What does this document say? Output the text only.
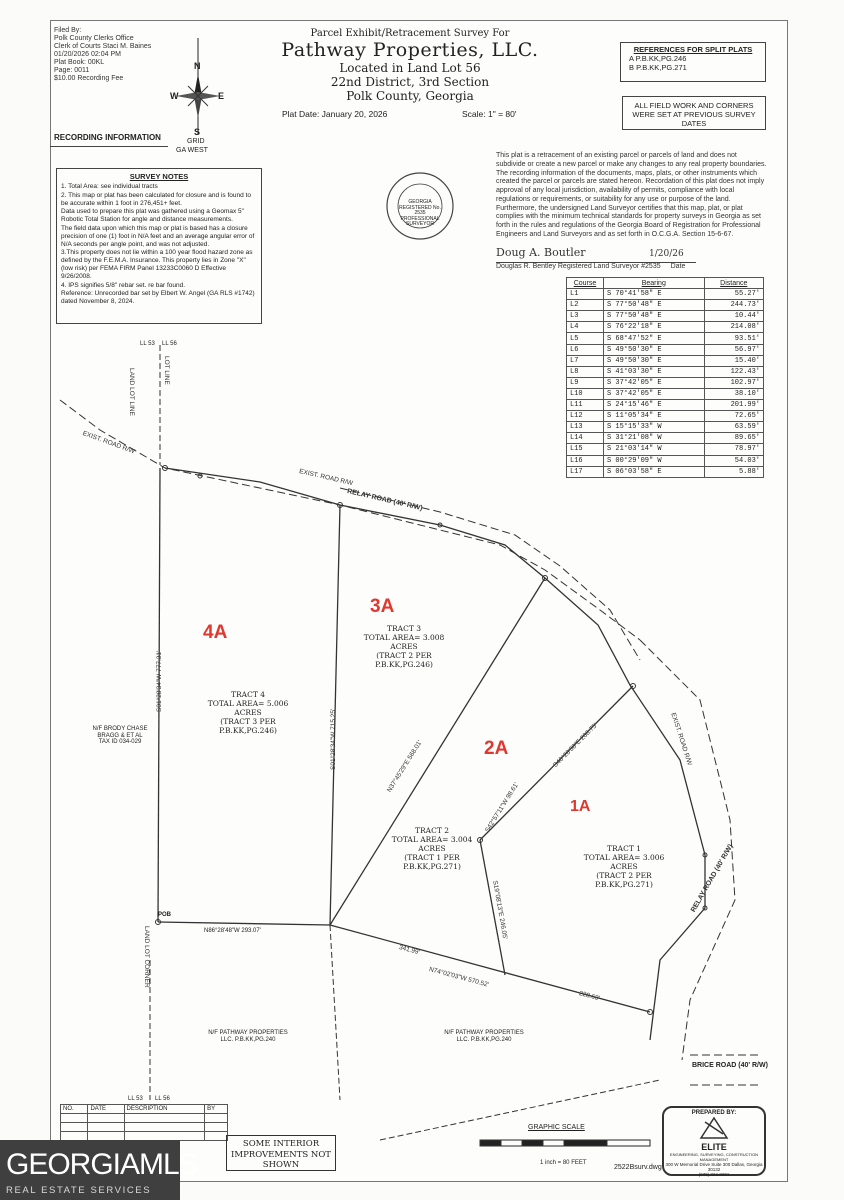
Filed By:
Polk County Clerks Office
Clerk of Courts Staci M. Baines
01/20/2026 02:04 PM
Plat Book: 00KL
Page: 0011
$10.00 Recording Fee
RECORDING INFORMATION
N
W	E
S
GRID
GA WEST
Parcel Exhibit/Retracement Survey For
Pathway Properties, LLC.
Located in Land Lot 56
22nd District, 3rd Section
Polk County, Georgia
Plat Date: January 20, 2026	Scale: 1" = 80'
REFERENCES FOR SPLIT PLATS
A P.B.KK,PG.246
B P.B.KK,PG.271
ALL FIELD WORK AND CORNERS WERE SET AT PREVIOUS SURVEY DATES
SURVEY NOTES

1. Total Area: see individual tracts

2. This map or plat has been calculated for closure and is found to be accurate within 1 foot in 276,451+ feet.

Data used to prepare this plat was gathered using a Geomax 5" Robotic Total Station for angle and distance measurements.

The field data upon which this map or plat is based has a closure precision of one (1) foot in N/A feet and an average angular error of N/A seconds per angle point, and was not adjusted.

3.This property does not lie within a 100 year flood hazard zone as defined by the F.E.M.A. Insurance. This property lies in Zone "X" (low risk) per FEMA FIRM Panel 13233C0060 D Effective 9/26/2008.

4. IPS signifies 5/8" rebar set. re bar found.

Reference: Unrecorded bar set by Elbert W. Angel (GA RLS #1742) dated November 8, 2024.

GEORGIA REGISTERED No. 2535 PROFESSIONAL SURVEYOR

This plat is a retracement of an existing parcel or parcels of land and does not subdivide or create a new parcel or make any changes to any real property boundaries. The recording information of the documents, maps, plats, or other instruments which created the parcel or parcels are stated hereon. Recordation of this plat does not imply approval of any local jurisdiction, availability of permits, compliance with local regulations or requirements, or suitability for any use or purpose of the land. Furthermore, the undersigned Land Surveyor certifies that this map, plat, or plat complies with the minimum technical standards for property surveys in Georgia as set forth in the rules and regulations of the Georgia Board of Registration for Professional Engineers and Land Surveyors and as set forth in O.C.G.A. Section 15-6-67.

Doug A. Boutler	1/20/26
Douglas R. Bentley Registered Land Surveyor #2535 Date
Course	Bearing	Distance
L1	S 70°41'58" E	55.27'
L2	S 77°50'48" E	244.73'
L3	S 77°50'48" E	10.44'
L4	S 76°22'18" E	214.08'
L5	S 68°47'52" E	93.51'
L6	S 49°50'30" E	56.97'
L7	S 49°50'30" E	15.40'
L8	S 41°03'30" E	122.43'
L9	S 37°42'05" E	102.97'
L10	S 37°42'05" E	38.10'
L11	S 24°15'46" E	201.99'
L12	S 11°05'34" E	72.65'
L13	S 15°15'33" W	63.59'
L14	S 31°21'08" W	89.65'
L15	S 21°03'14" W	78.97'
L16	S 00°29'09" W	54.03'
L17	S 06°03'58" E	5.88'
4A
3A
2A
1A
TRACT 4
TOTAL AREA= 5.006 ACRES
(TRACT 3 PER P.B.KK,PG.246)
TRACT 3
TOTAL AREA= 3.008 ACRES
(TRACT 2 PER P.B.KK,PG.246)
TRACT 2
TOTAL AREA= 3.004 ACRES
(TRACT 1 PER P.B.KK,PG.271)
TRACT 1
TOTAL AREA= 3.006 ACRES
(TRACT 2 PER P.B.KK,PG.271)
EXIST. ROAD R/W
EXIST. ROAD R/W
RELAY ROAD (40' R/W)
EXIST. ROAD R/W
RELAY ROAD (40' R/W)
BRICE ROAD (40' R/W)
LOT LINE
LAND LOT LINE
LL 53 LL 56
LL 53 LL 56
POB
LAND LOT CORNER	N86°28'48"W 293.07'
N74°02'03"W 570.52'
341.99'
228.63'
S01°28'34"W 777.31'
S01°28'34"W 715.25'	N37°45'29"E 568.01'	S40°28'38"E 208.75'
S42°57'11"W 98.61'
S19°08'13"E 246.05'
N/F BRODY CHASE BRAGG & ET AL
TAX ID 034-029
N/F PATHWAY PROPERTIES LLC. P.B.KK,PG.240
N/F PATHWAY PROPERTIES LLC. P.B.KK,PG.240
NO.	DATE	DESCRIPTION	BY

SOME INTERIOR IMPROVEMENTS NOT SHOWN
GRAPHIC SCALE
1 inch = 80 FEET
2522Bsurv.dwg
PREPARED BY:
ELITE
ENGINEERING, SURVEYING, CONSTRUCTION MANAGEMENT
300 W Memorial Drive Suite 300 Dallas, Georgia 30132
(678) 324-8201
GEORGIAMLS
REAL ESTATE SERVICES
